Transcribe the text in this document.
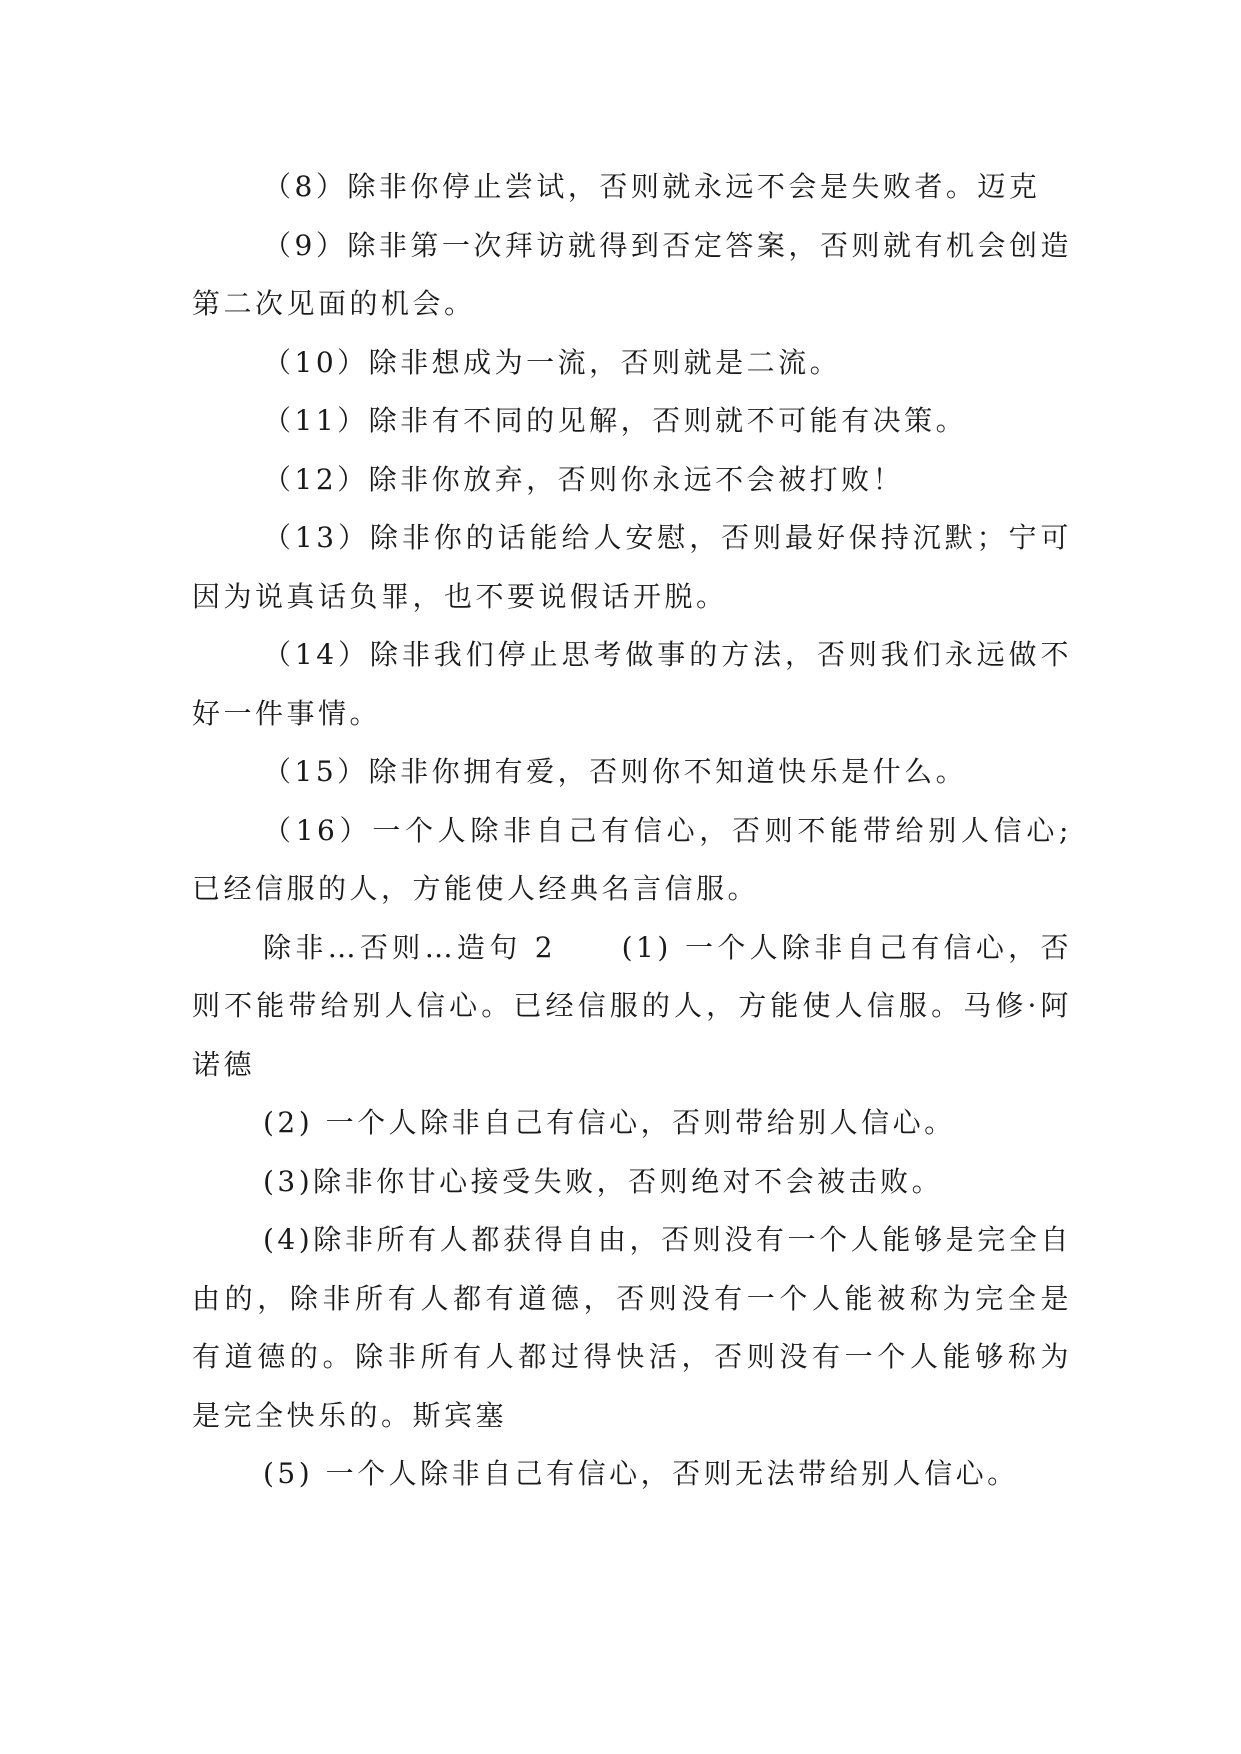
（8）除非你停止尝试，否则就永远不会是失败者。迈克

（9）除非第一次拜访就得到否定答案，否则就有机会创造第二次见面的机会。

（10）除非想成为一流，否则就是二流。

（11）除非有不同的见解，否则就不可能有决策。

（12）除非你放弃，否则你永远不会被打败！

（13）除非你的话能给人安慰，否则最好保持沉默；宁可因为说真话负罪，也不要说假话开脱。

（14）除非我们停止思考做事的方法，否则我们永远做不好一件事情。

（15）除非你拥有爱，否则你不知道快乐是什么。

（16）一个人除非自己有信心，否则不能带给别人信心;已经信服的人，方能使人经典名言信服。

除非…否则…造句 2　　(1) 一个人除非自己有信心，否则不能带给别人信心。已经信服的人，方能使人信服。马修·阿诺德

(2) 一个人除非自己有信心，否则带给别人信心。

(3)除非你甘心接受失败，否则绝对不会被击败。

(4)除非所有人都获得自由，否则没有一个人能够是完全自由的，除非所有人都有道德，否则没有一个人能被称为完全是有道德的。除非所有人都过得快活，否则没有一个人能够称为是完全快乐的。斯宾塞

(5) 一个人除非自己有信心，否则无法带给别人信心。
